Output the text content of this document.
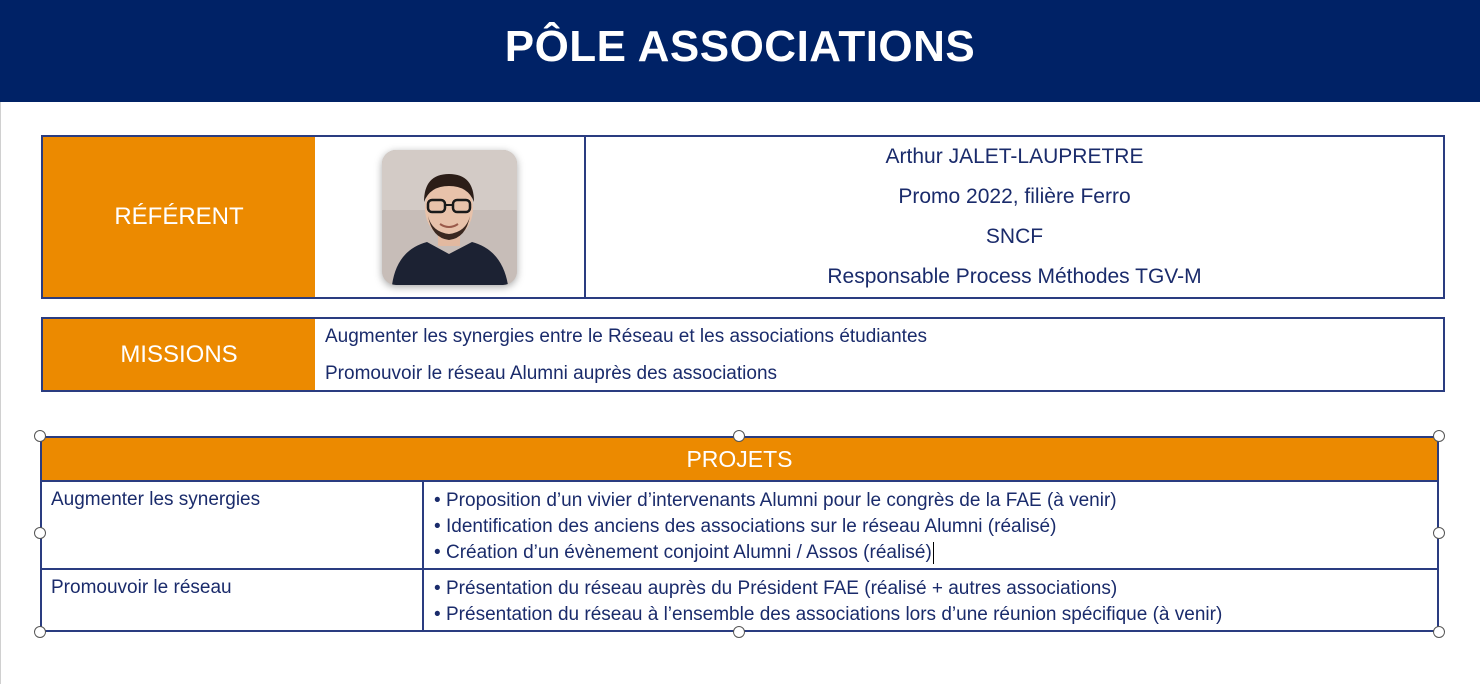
PÔLE ASSOCIATIONS
RÉFÉRENT
Arthur JALET-LAUPRETRE
Promo 2022, filière Ferro
SNCF
Responsable Process Méthodes TGV-M
MISSIONS
Augmenter les synergies entre le Réseau et les associations étudiantes
Promouvoir le réseau Alumni auprès des associations
PROJETS
Augmenter les synergies	• Proposition d’un vivier d’intervenants Alumni pour le congrès de la FAE (à venir)
• Identification des anciens des associations sur le réseau Alumni (réalisé)
• Création d’un évènement conjoint Alumni / Assos (réalisé)
Promouvoir le réseau	• Présentation du réseau auprès du Président FAE (réalisé + autres associations)
• Présentation du réseau à l’ensemble des associations lors d’une réunion spécifique (à venir)
